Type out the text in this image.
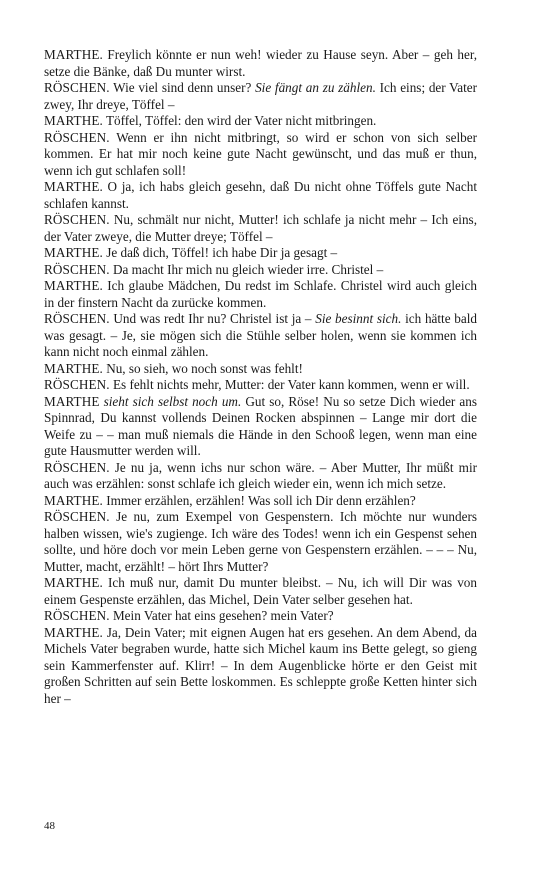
MARTHE. Freylich könnte er nun weh! wieder zu Hause seyn. Aber – geh her, setze die Bänke, daß Du munter wirst.

RÖSCHEN. Wie viel sind denn unser? Sie fängt an zu zählen. Ich eins; der Vater zwey, Ihr dreye, Töffel –

MARTHE. Töffel, Töffel: den wird der Vater nicht mitbringen.

RÖSCHEN. Wenn er ihn nicht mitbringt, so wird er schon von sich selber kommen. Er hat mir noch keine gute Nacht gewünscht, und das muß er thun, wenn ich gut schlafen soll!

MARTHE. O ja, ich habs gleich gesehn, daß Du nicht ohne Töffels gute Nacht schlafen kannst.

RÖSCHEN. Nu, schmält nur nicht, Mutter! ich schlafe ja nicht mehr – Ich eins, der Vater zweye, die Mutter dreye; Töffel –

MARTHE. Je daß dich, Töffel! ich habe Dir ja gesagt –

RÖSCHEN. Da macht Ihr mich nu gleich wieder irre. Christel –

MARTHE. Ich glaube Mädchen, Du redst im Schlafe. Christel wird auch gleich in der finstern Nacht da zurücke kommen.

RÖSCHEN. Und was redt Ihr nu? Christel ist ja – Sie besinnt sich. ich hätte bald was gesagt. – Je, sie mögen sich die Stühle selber holen, wenn sie kommen ich kann nicht noch einmal zählen.

MARTHE. Nu, so sieh, wo noch sonst was fehlt!

RÖSCHEN. Es fehlt nichts mehr, Mutter: der Vater kann kommen, wenn er will.

MARTHE sieht sich selbst noch um. Gut so, Röse! Nu so setze Dich wieder ans Spinnrad, Du kannst vollends Deinen Rocken abspinnen – Lange mir dort die Weife zu – – man muß niemals die Hände in den Schooß legen, wenn man eine gute Hausmutter werden will.

RÖSCHEN. Je nu ja, wenn ichs nur schon wäre. – Aber Mutter, Ihr müßt mir auch was erzählen: sonst schlafe ich gleich wieder ein, wenn ich mich setze.

MARTHE. Immer erzählen, erzählen! Was soll ich Dir denn erzählen?

RÖSCHEN. Je nu, zum Exempel von Gespenstern. Ich möchte nur wunders halben wissen, wie's zugienge. Ich wäre des Todes! wenn ich ein Gespenst sehen sollte, und höre doch vor mein Leben gerne von Gespenstern erzählen. – – – Nu, Mutter, macht, erzählt! – hört Ihrs Mutter?

MARTHE. Ich muß nur, damit Du munter bleibst. – Nu, ich will Dir was von einem Gespenste erzählen, das Michel, Dein Vater selber gesehen hat.

RÖSCHEN. Mein Vater hat eins gesehen? mein Vater?

MARTHE. Ja, Dein Vater; mit eignen Augen hat ers gesehen. An dem Abend, da Michels Vater begraben wurde, hatte sich Michel kaum ins Bette gelegt, so gieng sein Kammerfenster auf. Klirr! – In dem Augenblicke hörte er den Geist mit großen Schritten auf sein Bette loskommen. Es schleppte große Ketten hinter sich her –

48
